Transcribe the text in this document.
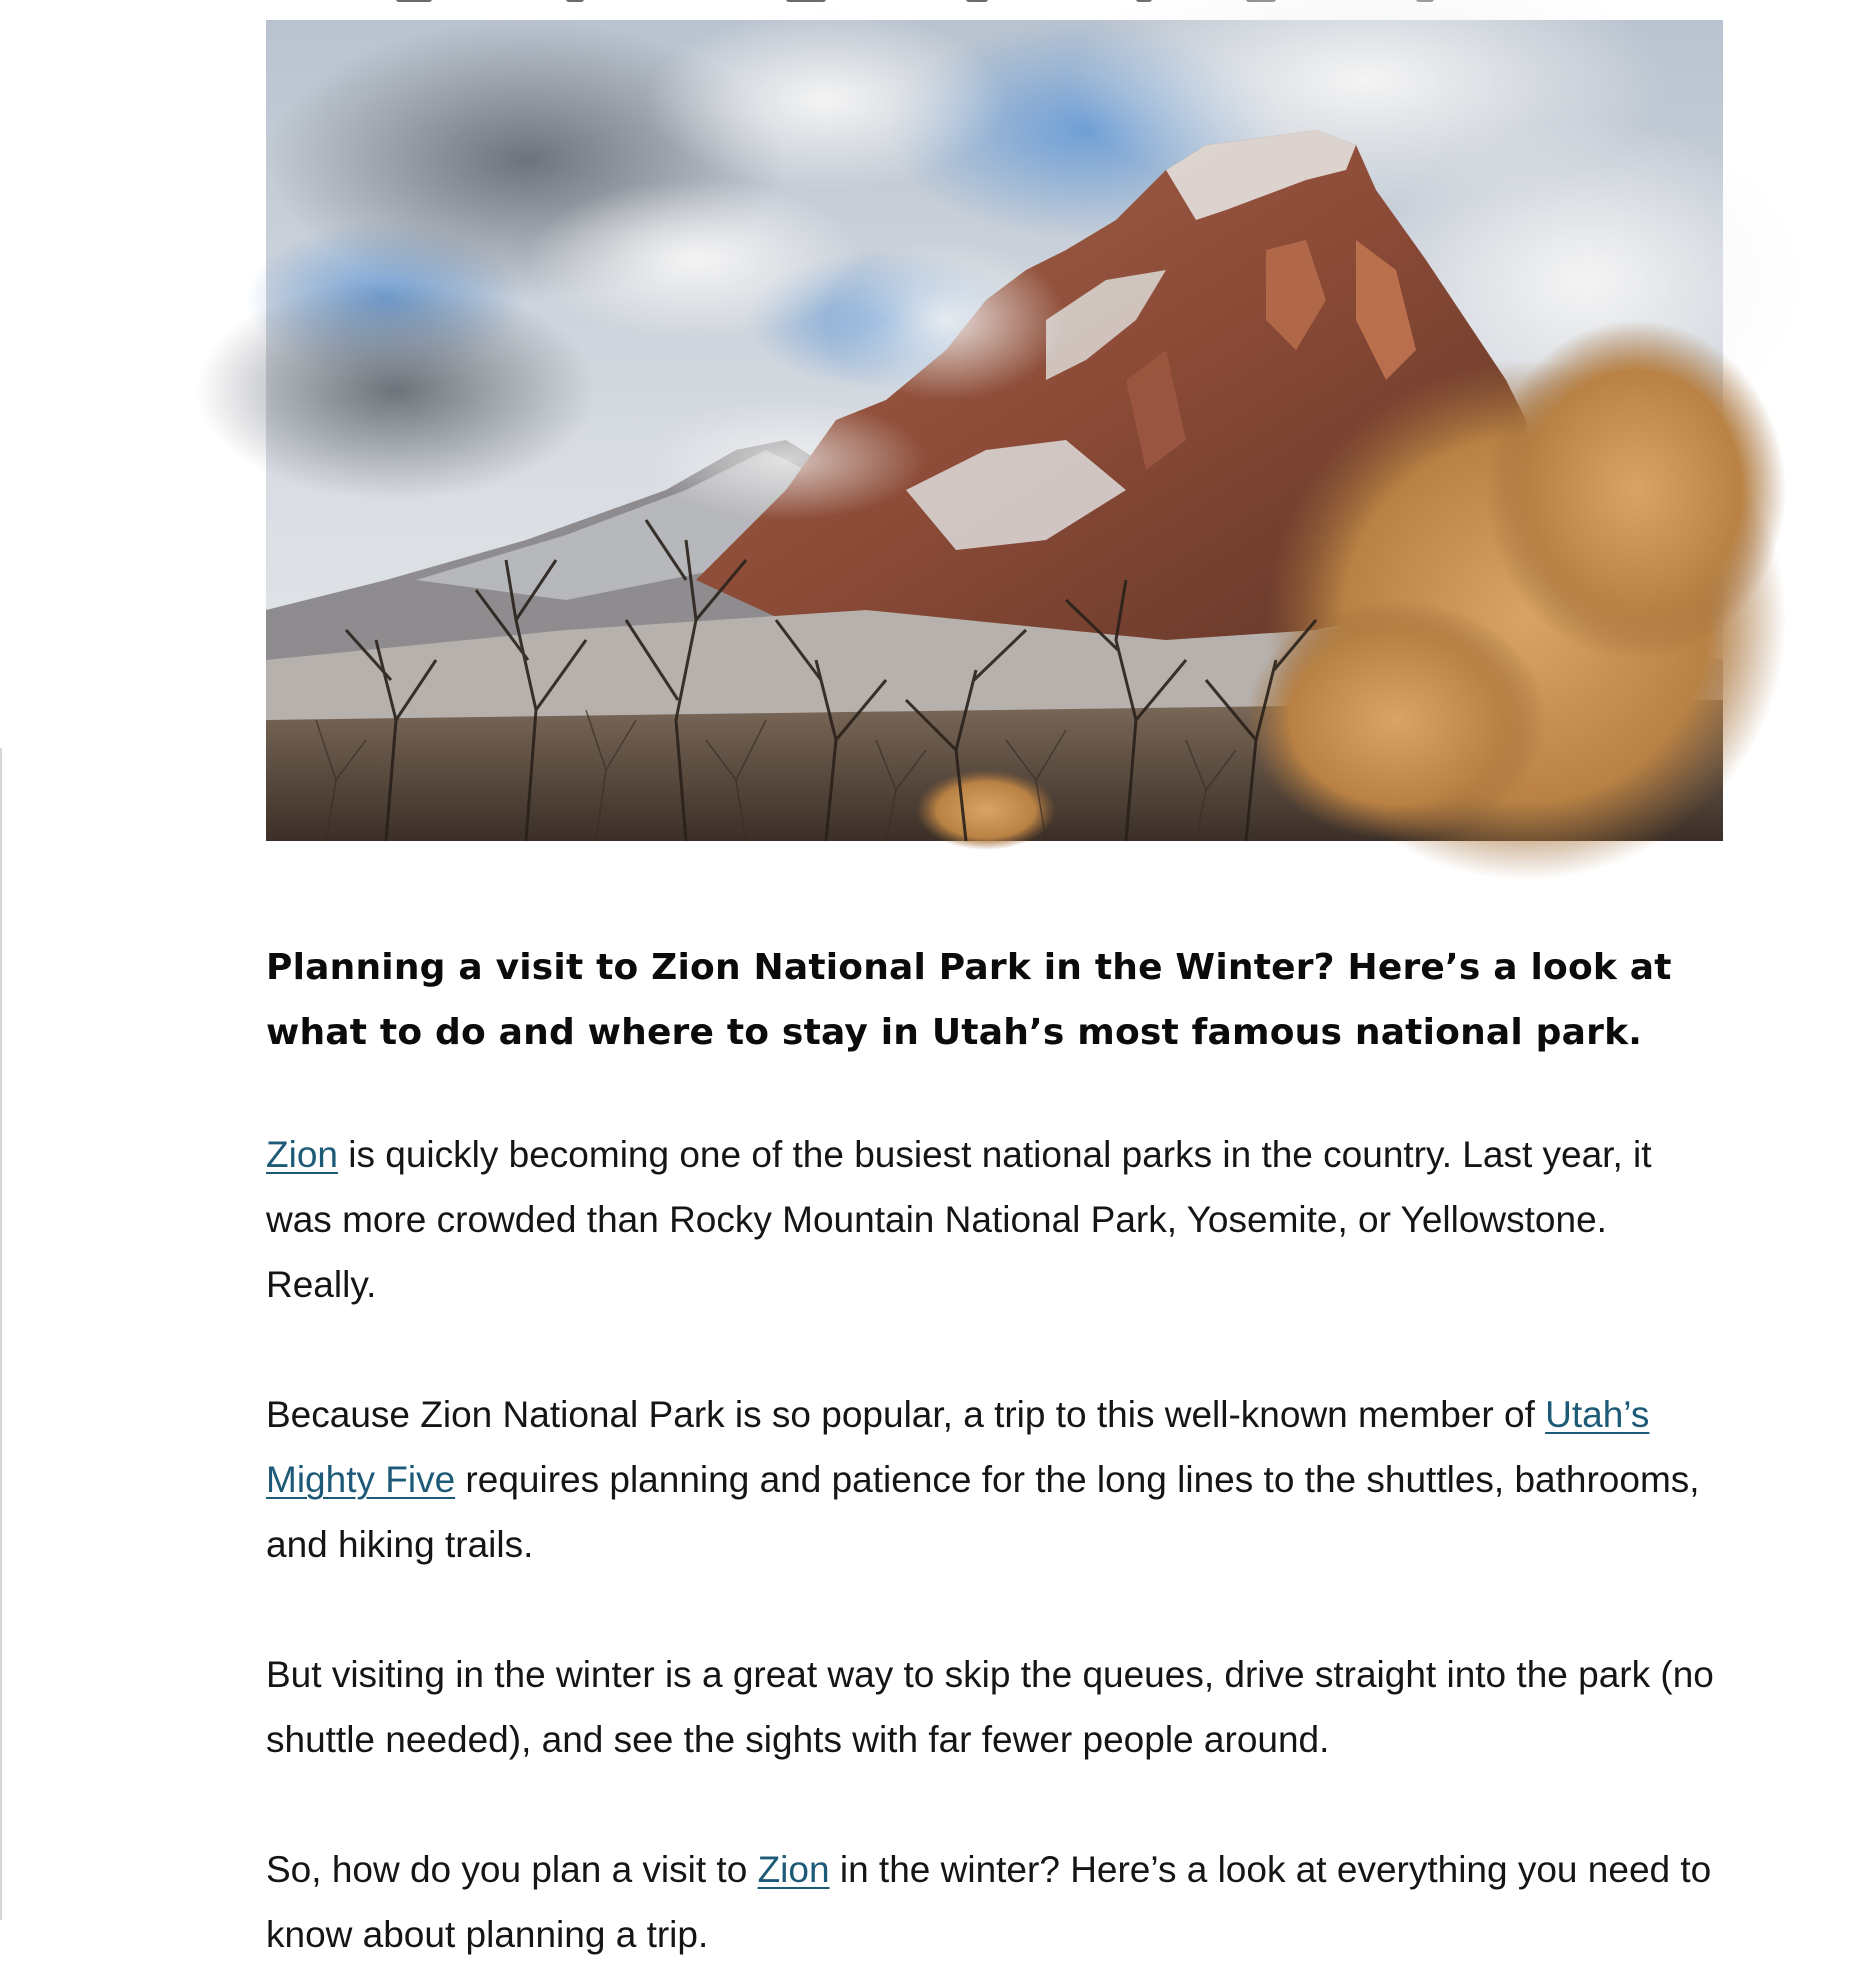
Planning a visit to Zion National Park in the Winter? Here’s a look at what to do and where to stay in Utah’s most famous national park.

Zion is quickly becoming one of the busiest national parks in the country. Last year, it was more crowded than Rocky Mountain National Park, Yosemite, or Yellowstone. Really.

Because Zion National Park is so popular, a trip to this well-known member of Utah’s Mighty Five requires planning and patience for the long lines to the shuttles, bathrooms, and hiking trails.

But visiting in the winter is a great way to skip the queues, drive straight into the park (no shuttle needed), and see the sights with far fewer people around.

So, how do you plan a visit to Zion in the winter? Here’s a look at everything you need to know about planning a trip.
